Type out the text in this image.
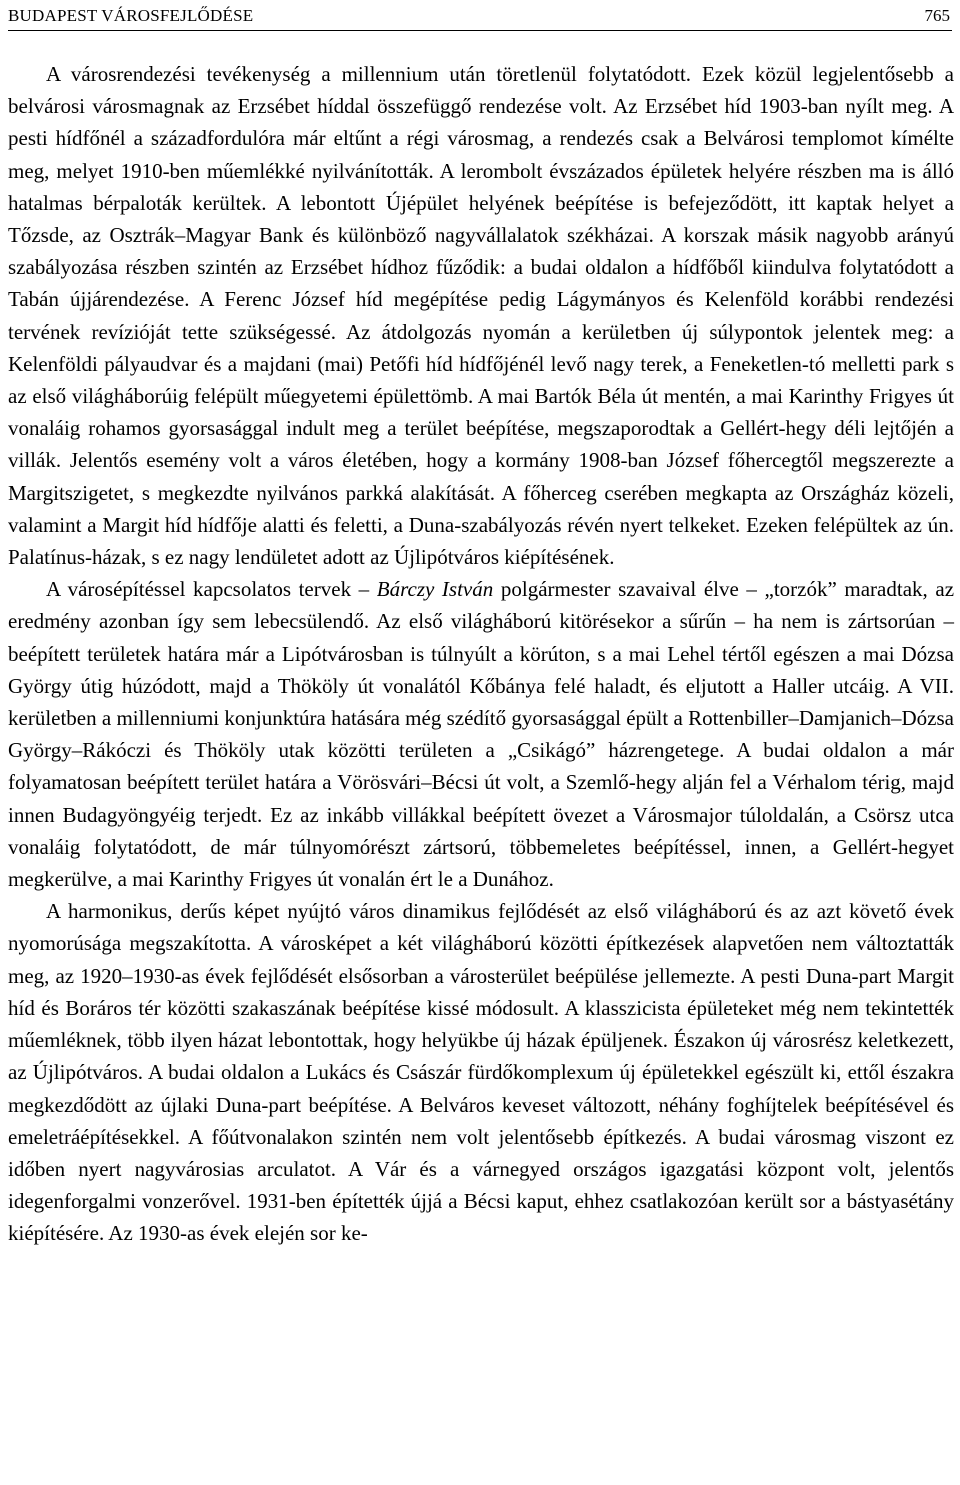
BUDAPEST VÁROSFEJLŐDÉSE	765

A városrendezési tevékenység a millennium után töretlenül folytatódott. Ezek közül legjelentősebb a belvárosi városmagnak az Erzsébet híddal összefüggő rendezése volt. Az Erzsébet híd 1903-ban nyílt meg. A pesti hídfőnél a századfordulóra már eltűnt a régi városmag, a rendezés csak a Belvárosi templomot kímélte meg, melyet 1910-ben műemlékké nyilvánították. A lerombolt évszázados épületek helyére részben ma is álló hatalmas bérpaloták kerültek. A lebontott Újépület helyének beépítése is befejeződött, itt kaptak helyet a Tőzsde, az Osztrák–Magyar Bank és különböző nagyvállalatok székházai. A korszak másik nagyobb arányú szabályozása részben szintén az Erzsébet hídhoz fűződik: a budai oldalon a hídfőből kiindulva folytatódott a Tabán újjárendezése. A Ferenc József híd megépítése pedig Lágymányos és Kelenföld korábbi rendezési tervének revízióját tette szükségessé. Az átdolgozás nyomán a kerületben új súlypontok jelentek meg: a Kelenföldi pályaudvar és a majdani (mai) Petőfi híd hídfőjénél levő nagy terek, a Feneketlen-tó melletti park s az első világháborúig felépült műegyetemi épülettömb. A mai Bartók Béla út mentén, a mai Karinthy Frigyes út vonaláig rohamos gyorsasággal indult meg a terület beépítése, megszaporodtak a Gellért-hegy déli lejtőjén a villák. Jelentős esemény volt a város életében, hogy a kormány 1908-ban József főhercegtől megszerezte a Margitszigetet, s megkezdte nyilvános parkká alakítását. A főherceg cserében megkapta az Országház közeli, valamint a Margit híd hídfője alatti és feletti, a Duna-szabályozás révén nyert telkeket. Ezeken felépültek az ún. Palatínus-házak, s ez nagy lendületet adott az Újlipótváros kiépítésének.

A városépítéssel kapcsolatos tervek – Bárczy István polgármester szavaival élve – „torzók” maradtak, az eredmény azonban így sem lebecsülendő. Az első világháború kitörésekor a sűrűn – ha nem is zártsorúan – beépített területek határa már a Lipótvárosban is túlnyúlt a körúton, s a mai Lehel tértől egészen a mai Dózsa György útig húzódott, majd a Thököly út vonalától Kőbánya felé haladt, és eljutott a Haller utcáig. A VII. kerületben a millenniumi konjunktúra hatására még szédítő gyorsasággal épült a Rottenbiller–Damjanich–Dózsa György–Rákóczi és Thököly utak közötti területen a „Csikágó” házrengetege. A budai oldalon a már folyamatosan beépített terület határa a Vörösvári–Bécsi út volt, a Szemlő-hegy alján fel a Vérhalom térig, majd innen Budagyöngyéig terjedt. Ez az inkább villákkal beépített övezet a Városmajor túloldalán, a Csörsz utca vonaláig folytatódott, de már túlnyomórészt zártsorú, többemeletes beépítéssel, innen, a Gellért-hegyet megkerülve, a mai Karinthy Frigyes út vonalán ért le a Dunához.

A harmonikus, derűs képet nyújtó város dinamikus fejlődését az első világháború és az azt követő évek nyomorúsága megszakította. A városképet a két világháború közötti építkezések alapvetően nem változtatták meg, az 1920–1930-as évek fejlődését elsősorban a városterület beépülése jellemezte. A pesti Duna-part Margit híd és Boráros tér közötti szakaszának beépítése kissé módosult. A klasszicista épületeket még nem tekintették műemléknek, több ilyen házat lebontottak, hogy helyükbe új házak épüljenek. Északon új városrész keletkezett, az Újlipótváros. A budai oldalon a Lukács és Császár fürdőkomplexum új épületekkel egészült ki, ettől északra megkezdődött az újlaki Duna-part beépítése. A Belváros keveset változott, néhány foghíjtelek beépítésével és emeletráépítésekkel. A főútvonalakon szintén nem volt jelentősebb építkezés. A budai városmag viszont ez időben nyert nagyvárosias arculatot. A Vár és a várnegyed országos igazgatási központ volt, jelentős idegenforgalmi vonzerővel. 1931-ben építették újjá a Bécsi kaput, ehhez csatlakozóan került sor a bástyasétány kiépítésére. Az 1930-as évek elején sor ke-
